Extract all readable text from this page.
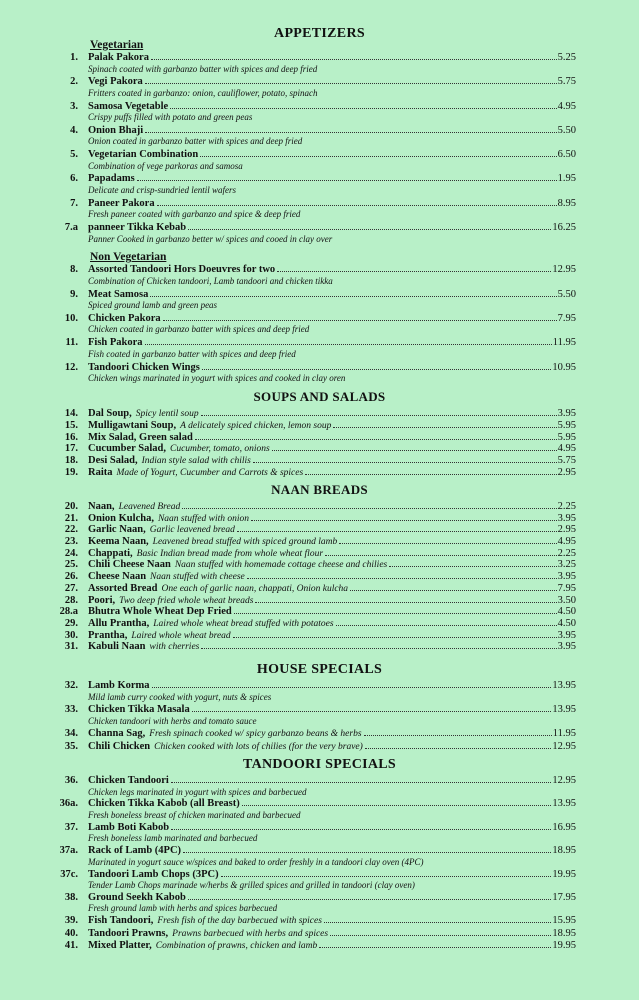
APPETIZERS
Vegetarian
1. Palak Pakora	5.25
Spinach coated with garbanzo batter with spices and deep fried
2. Vegi Pakora	5.75
Fritters coated in garbanzo: onion, cauliflower, potato, spinach
3. Samosa Vegetable	4.95
Crispy puffs filled with potato and green peas
4. Onion Bhaji	5.50
Onion coated in garbanzo batter with spices and deep fried
5. Vegetarian Combination	6.50
Combination of vege parkoras and samosa
6. Papadams	1.95
Delicate and crisp-sundried lentil wafers
7. Paneer Pakora	8.95
Fresh paneer coated with garbanzo and spice & deep fried
7.a panneer Tikka Kebab	16.25
Panner Cooked in garbanzo better w/ spices and cooed in clay over
Non Vegetarian
8. Assorted Tandoori Hors Doeuvres for two	12.95
Combination of Chicken tandoori, Lamb tandoori and chicken tikka
9. Meat Samosa	5.50
Spiced ground lamb and green peas
10. Chicken Pakora	7.95
Chicken coated in garbanzo batter with spices and deep fried
11. Fish Pakora	11.95
Fish coated in garbanzo batter with spices and deep fried
12. Tandoori Chicken Wings	10.95
Chicken wings marinated in yogurt with spices and cooked in clay oren
SOUPS AND SALADS
14. Dal Soup, Spicy lentil soup	3.95
15. Mulligawtani Soup, A delicately spiced chicken, lemon soup	5.95
16. Mix Salad, Green salad	5.95
17. Cucumber Salad, Cucumber, tomato, onions	4.95
18. Desi Salad, Indian style salad with chilis	5.75
19. Raita Made of Yogurt, Cucumber and Carrots & spices	2.95
NAAN BREADS
20. Naan, Leavened Bread	2.25
21. Onion Kulcha, Naan stuffed with onion	3.95
22. Garlic Naan, Garlic leavened bread	2.95
23. Keema Naan, Leavened bread stuffed with spiced ground lamb	4.95
24. Chappati, Basic Indian bread made from whole wheat flour	2.25
25. Chili Cheese Naan Naan stuffed with homemade cottage cheese and chilies	3.25
26. Cheese Naan Naan stuffed with cheese	3.95
27. Assorted Bread One each of garlic naan, chappati, Onion kulcha	7.95
28. Poori, Two deep fried whole wheat breads	3.50
28.a Bhutra Whole Wheat Dep Fried	4.50
29. Allu Prantha, Laired whole wheat bread stuffed with potatoes	4.50
30. Prantha, Laired whole wheat bread	3.95
31. Kabuli Naan with cherries	3.95
HOUSE SPECIALS
32. Lamb Korma	13.95
Mild lamb curry cooked with yogurt, nuts & spices
33. Chicken Tikka Masala	13.95
Chicken tandoori with herbs and tomato sauce
34. Channa Sag, Fresh spinach cooked w/ spicy garbanzo beans & herbs	11.95
35. Chili Chicken Chicken cooked with lots of chilies (for the very brave)	12.95
TANDOORI SPECIALS
36. Chicken Tandoori	12.95
Chicken legs marinated in yogurt with spices and barbecued
36a. Chicken Tikka Kabob (all Breast)	13.95
Fresh boneless breast of chicken marinated and barbecued
37. Lamb Boti Kabob	16.95
Fresh boneless lamb marinated and barbecued
37a. Rack of Lamb (4PC)	18.95
Marinated in yogurt sauce w/spices and baked to order freshly in a tandoori clay oven (4PC)
37c. Tandoori Lamb Chops (3PC)	19.95
Tender Lamb Chops marinade w/herbs & grilled spices and grilled in tandoori (clay oven)
38. Ground Seekh Kabob	17.95
Fresh ground lamb with herbs and spices barbecued
39. Fish Tandoori, Fresh fish of the day barbecued with spices	15.95
40. Tandoori Prawns, Prawns barbecued with herbs and spices	18.95
41. Mixed Platter, Combination of prawns, chicken and lamb	19.95
